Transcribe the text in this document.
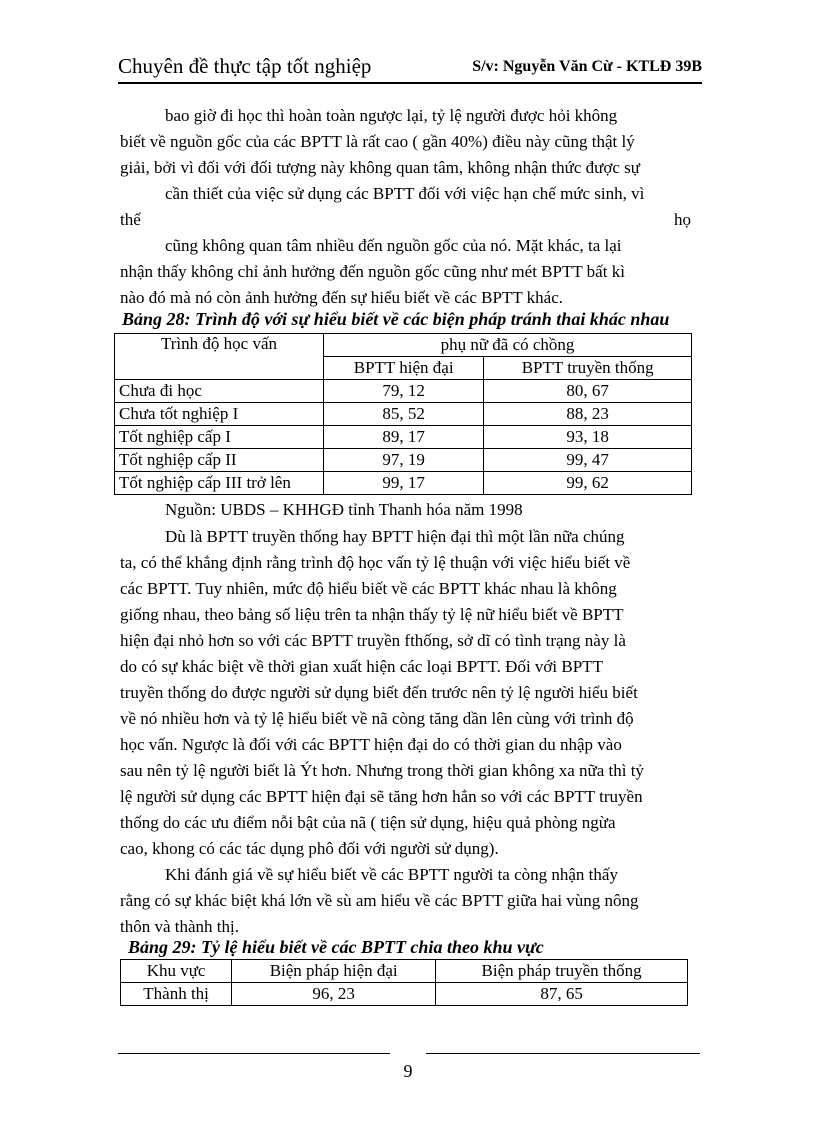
Chuyên đề thực tập tốt nghiệp	S/v: Nguyễn Văn Cừ - KTLĐ 39B
bao giờ đi học thì hoàn toàn ngược lại, tỷ lệ người được hỏi không
biết về nguồn gốc của các BPTT là rất cao ( gần 40%) điều này cũng thật lý
giải, bởi vì đối với đối tượng này không quan tâm, không nhận thức được sự
cần thiết của việc sử dụng các BPTT đối với việc hạn chế mức sinh, vì
thế	họ
cũng không quan tâm nhiều đến nguồn gốc của nó. Mặt khác, ta lại
nhận thấy không chỉ ảnh hưởng đến nguồn gốc cũng như mét BPTT bất kì
nào đó mà nó còn ảnh hưởng đến sự hiểu biết về các BPTT khác.
Bảng 28: Trình độ với sự hiểu biết về các biện pháp tránh thai khác nhau
Trình độ học vấn	phụ nữ đã có chồng	
	BPTT hiện đại	BPTT truyền thống
Chưa đi học	79, 12	80, 67
Chưa tốt nghiệp I	85, 52	88, 23
Tốt nghiệp cấp I	89, 17	93, 18
Tốt nghiệp cấp II	97, 19	99, 47
Tốt nghiệp cấp III trở lên	99, 17	99, 62
Nguồn: UBDS – KHHGĐ tỉnh Thanh hóa năm 1998
Dù là BPTT truyền thống hay BPTT hiện đại thì một lần nữa chúng
ta, có thể khẳng định rằng trình độ học vấn tỷ lệ thuận với việc hiểu biết về
các BPTT. Tuy nhiên, mức độ hiểu biết về các BPTT khác nhau là không
giống nhau, theo bảng số liệu trên ta nhận thấy tỷ lệ nữ hiểu biết về BPTT
hiện đại nhỏ hơn so với các BPTT truyền fthống, sở dĩ có tình trạng này là
do có sự khác biệt về thời gian xuất hiện các loại BPTT. Đối với BPTT
truyền thống do được người sử dụng biết đến trước nên tỷ lệ người hiểu biết
về nó nhiều hơn và tỷ lệ hiểu biết về nã còng tăng dần lên cùng với trình độ
học vấn. Ngược là đối với các BPTT hiện đại do có thời gian du nhập vào
sau nên tỷ lệ người biết là Ýt hơn. Nhưng trong thời gian không xa nữa thì tỷ
lệ người sử dụng các BPTT hiện đại sẽ tăng hơn hẳn so với các BPTT truyền
thống do các ưu điểm nỗi bật của nã ( tiện sử dụng, hiệu quả phòng ngừa
cao, khong có các tác dụng phô đối với người sử dụng).
Khi đánh giá về sự hiểu biết về các BPTT người ta còng nhận thấy
rằng có sự khác biệt khá lớn về sù am hiểu về các BPTT giữa hai vùng nông
thôn và thành thị.
Bảng 29: Tỷ lệ hiểu biết về các BPTT chia theo khu vực
Khu vực	Biện pháp hiện đại	Biện pháp truyền thống
Thành thị	96, 23	87, 65
9
